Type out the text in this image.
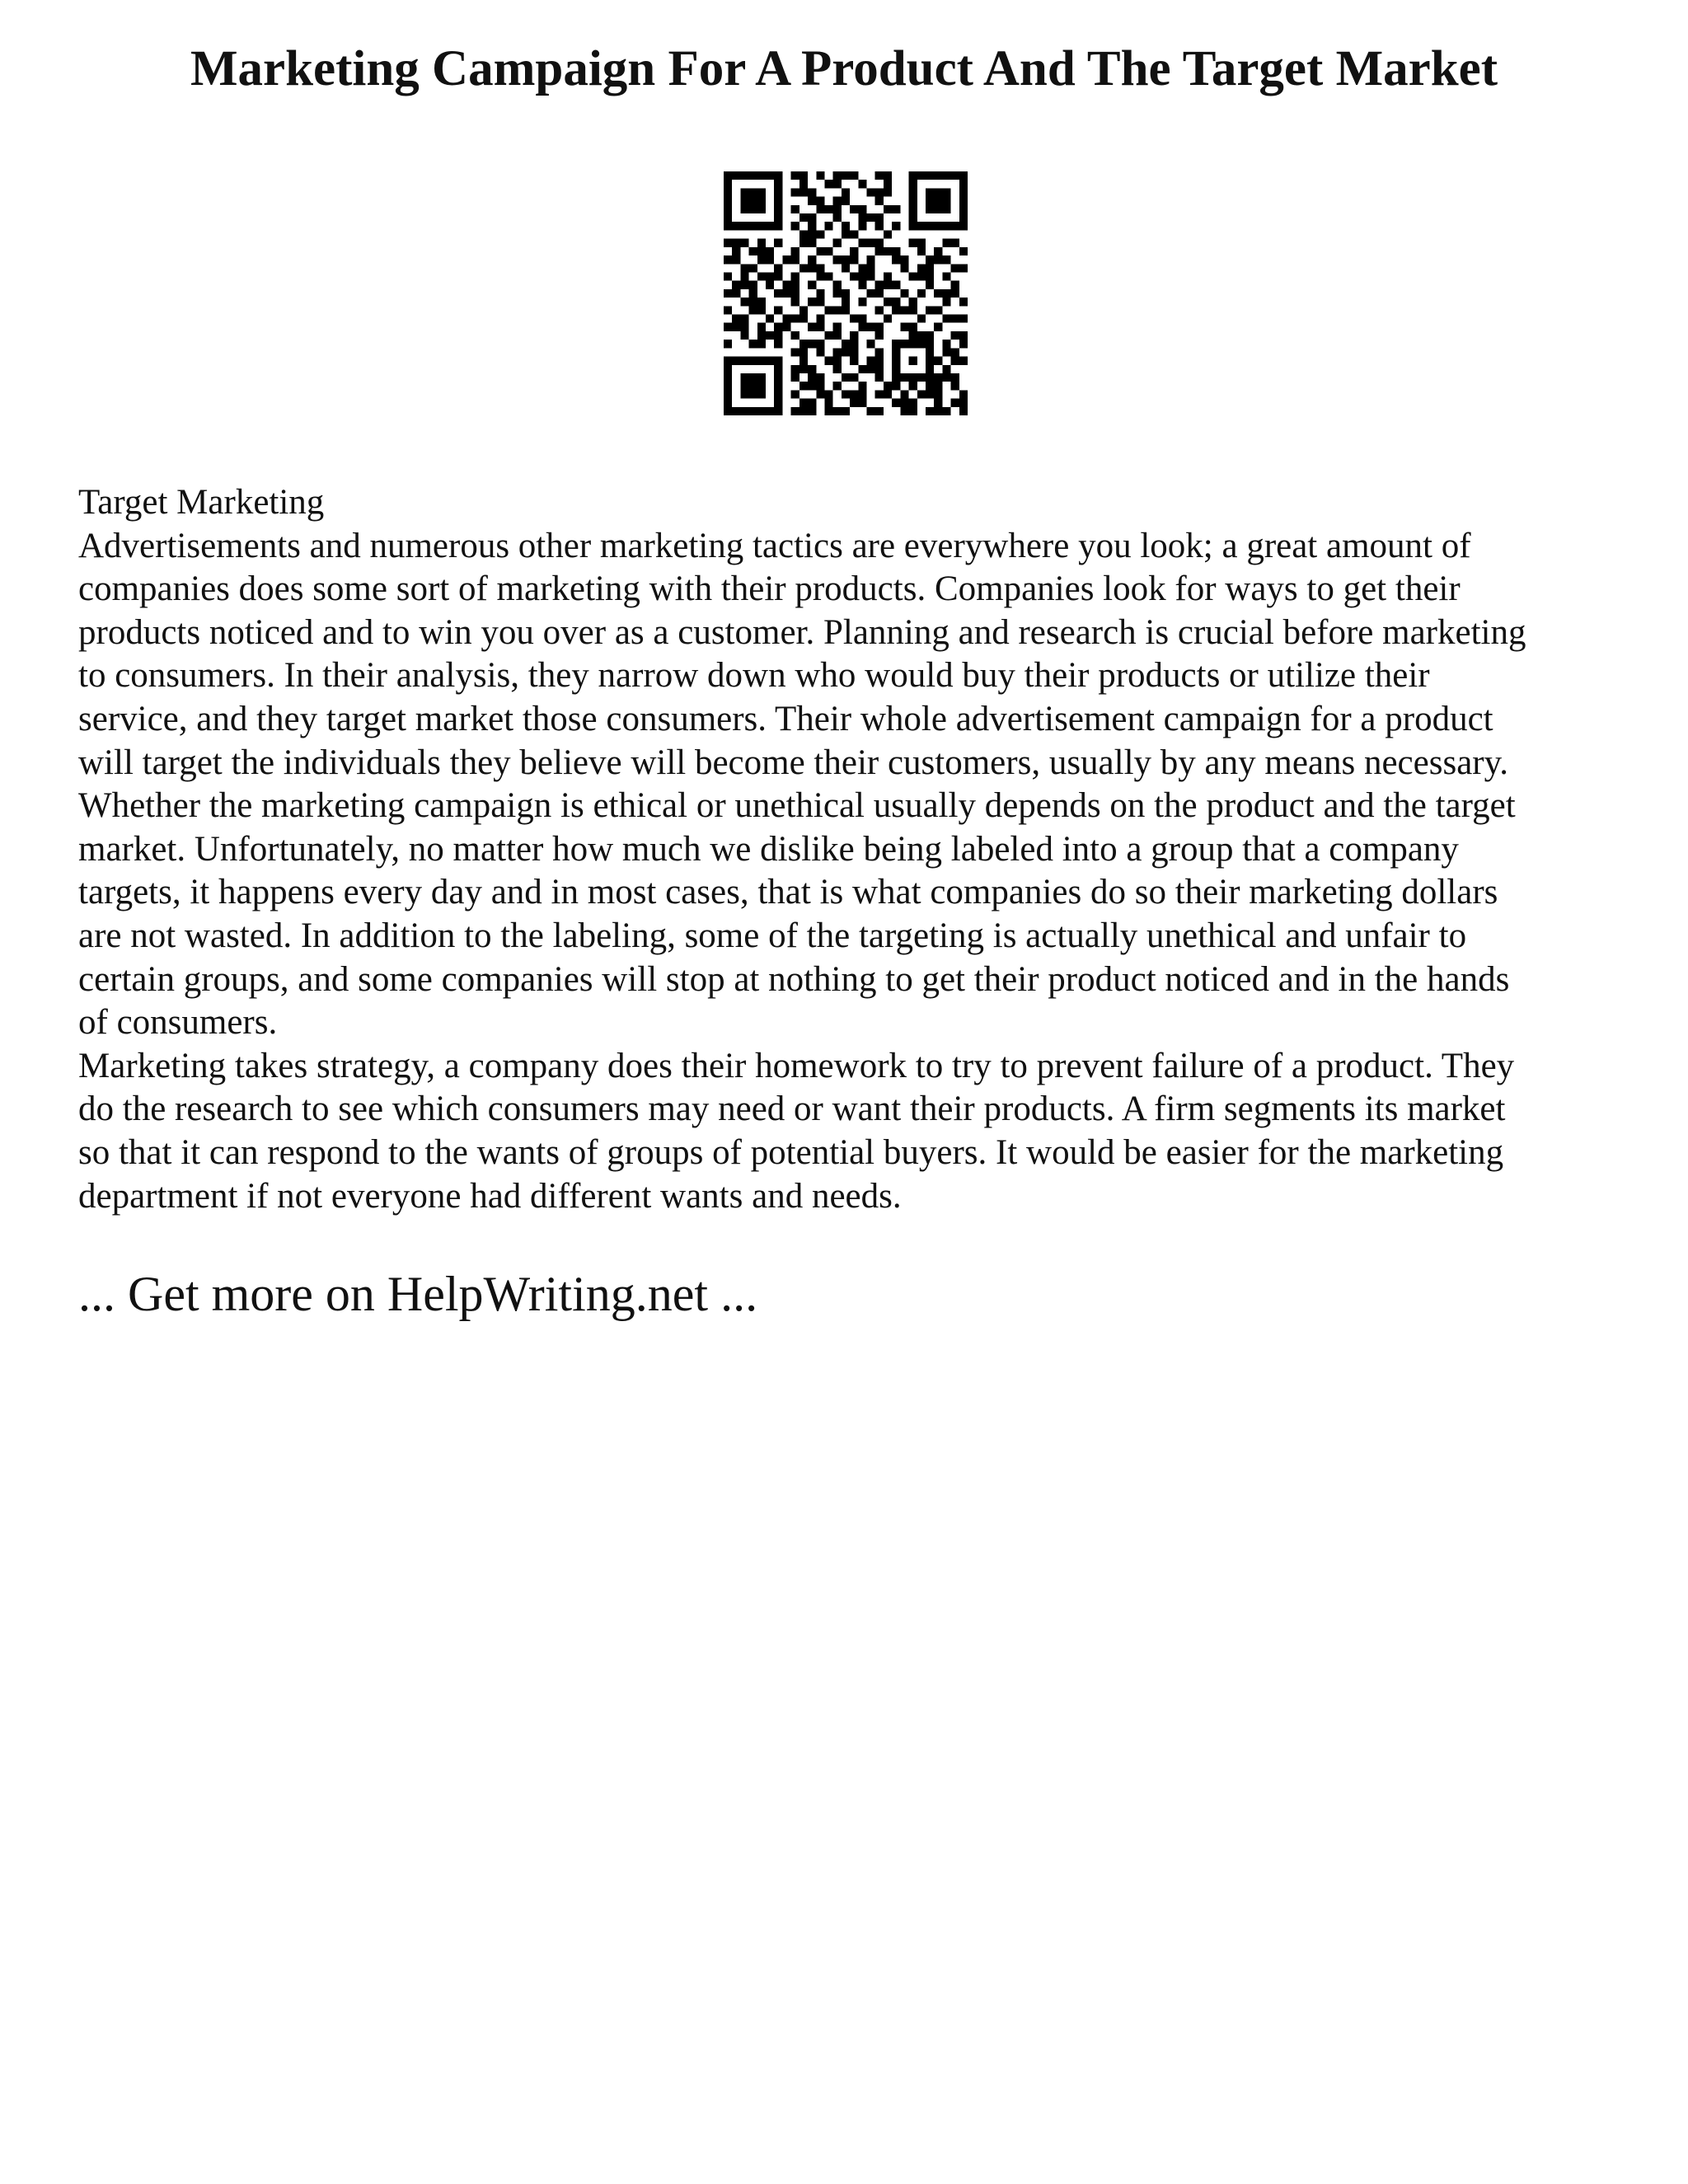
Marketing Campaign For A Product And The Target Market
Target Marketing
Advertisements and numerous other marketing tactics are everywhere you look; a great amount of
companies does some sort of marketing with their products. Companies look for ways to get their
products noticed and to win you over as a customer. Planning and research is crucial before marketing
to consumers. In their analysis, they narrow down who would buy their products or utilize their
service, and they target market those consumers. Their whole advertisement campaign for a product
will target the individuals they believe will become their customers, usually by any means necessary.
Whether the marketing campaign is ethical or unethical usually depends on the product and the target
market. Unfortunately, no matter how much we dislike being labeled into a group that a company
targets, it happens every day and in most cases, that is what companies do so their marketing dollars
are not wasted. In addition to the labeling, some of the targeting is actually unethical and unfair to
certain groups, and some companies will stop at nothing to get their product noticed and in the hands
of consumers.
Marketing takes strategy, a company does their homework to try to prevent failure of a product. They
do the research to see which consumers may need or want their products. A firm segments its market
so that it can respond to the wants of groups of potential buyers. It would be easier for the marketing
department if not everyone had different wants and needs.

... Get more on HelpWriting.net ...
